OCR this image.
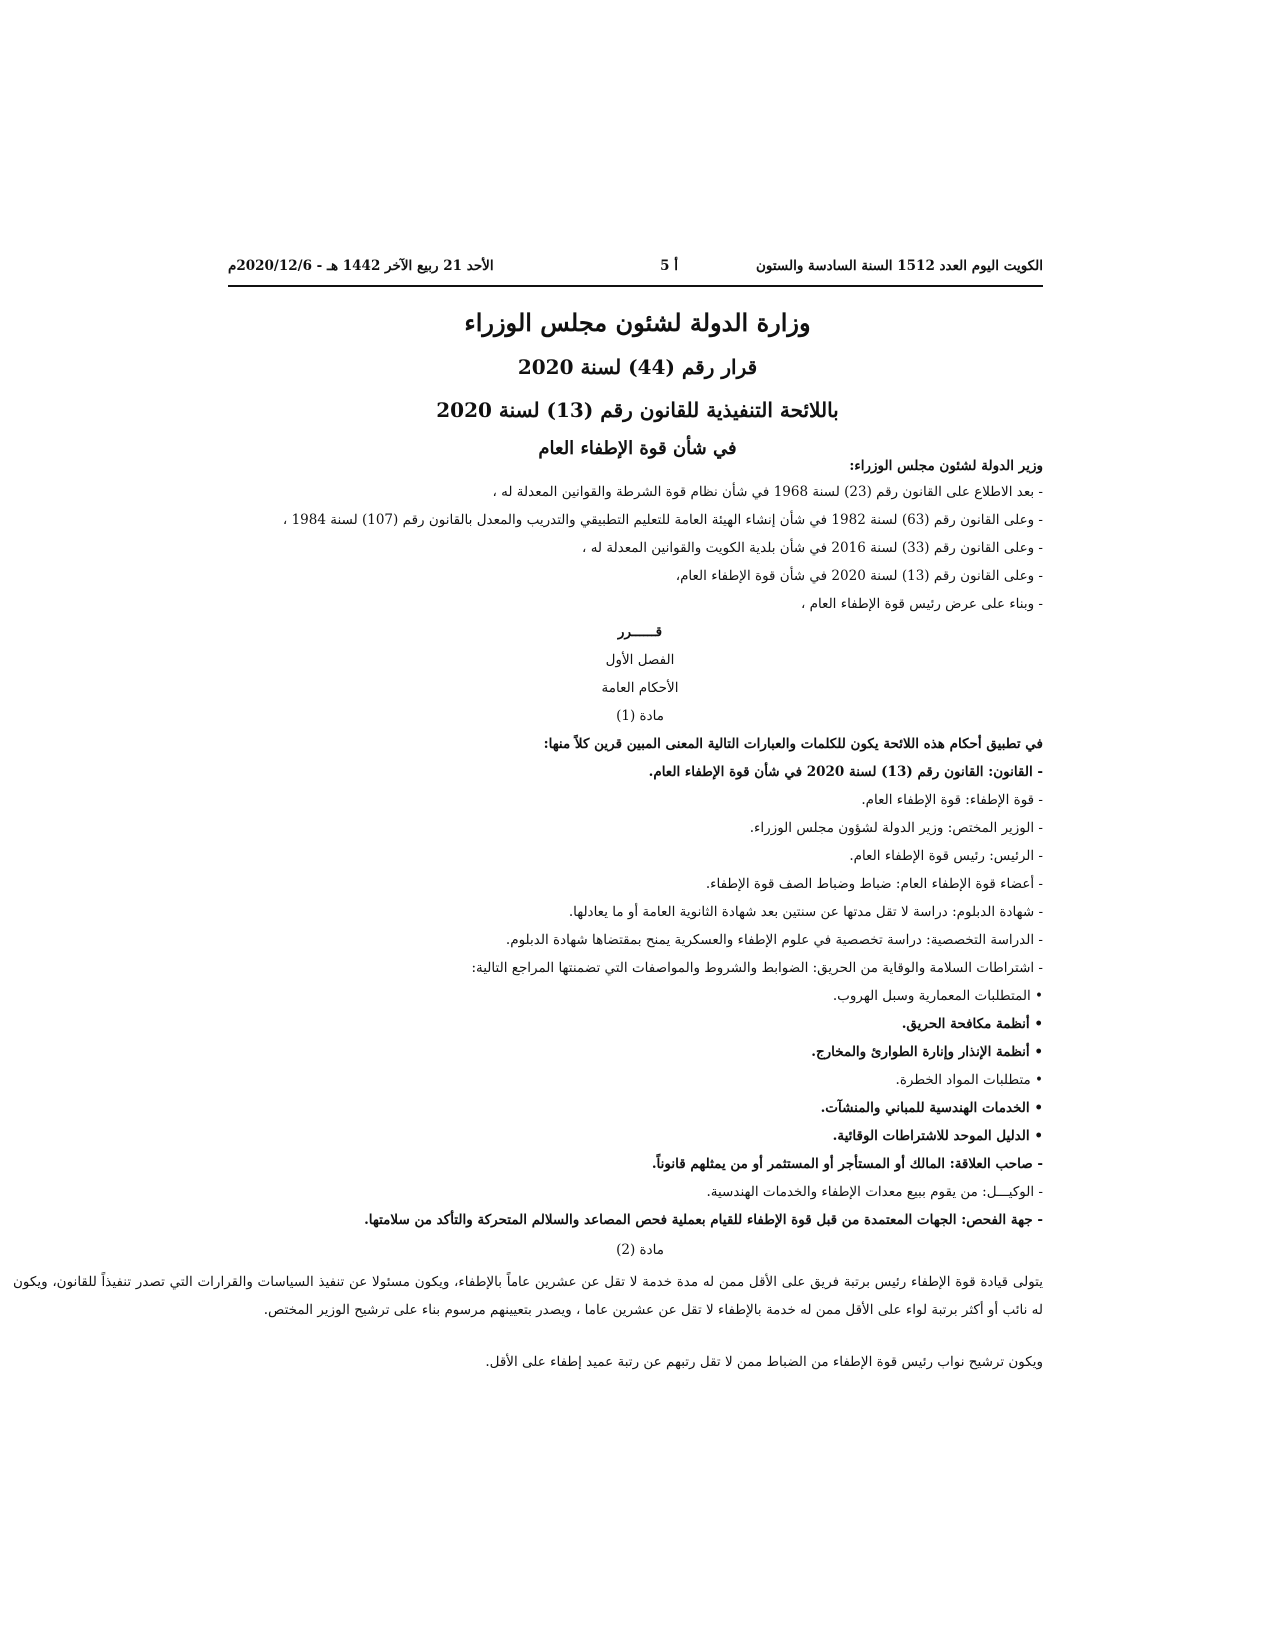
الكويت اليوم العدد 1512 السنة السادسة والستون
أ 5
الأحد 21 ربيع الآخر 1442 هـ - 2020/12/6م
وزارة الدولة لشئون مجلس الوزراء
قرار رقم (44) لسنة 2020
باللائحة التنفيذية للقانون رقم (13) لسنة 2020
في شأن قوة الإطفاء العام
وزير الدولة لشئون مجلس الوزراء:
- بعد الاطلاع على القانون رقم (23) لسنة 1968 في شأن نظام قوة الشرطة والقوانين المعدلة له ،
- وعلى القانون رقم (63) لسنة 1982 في شأن إنشاء الهيئة العامة للتعليم التطبيقي والتدريب والمعدل بالقانون رقم (107) لسنة 1984 ،
- وعلى القانون رقم (33) لسنة 2016 في شأن بلدية الكويت والقوانين المعدلة له ،
- وعلى القانون رقم (13) لسنة 2020 في شأن قوة الإطفاء العام،
- وبناء على عرض رئيس قوة الإطفاء العام ،
قــــــرر
الفصل الأول
الأحكام العامة
مادة (1)
في تطبيق أحكام هذه اللائحة يكون للكلمات والعبارات التالية المعنى المبين قرين كلاً منها:
- القانون: القانون رقم (13) لسنة 2020 في شأن قوة الإطفاء العام.
- قوة الإطفاء: قوة الإطفاء العام.
- الوزير المختص: وزير الدولة لشؤون مجلس الوزراء.
- الرئيس: رئيس قوة الإطفاء العام.
- أعضاء قوة الإطفاء العام: ضباط وضباط الصف قوة الإطفاء.
- شهادة الدبلوم: دراسة لا تقل مدتها عن سنتين بعد شهادة الثانوية العامة أو ما يعادلها.
- الدراسة التخصصية: دراسة تخصصية في علوم الإطفاء والعسكرية يمنح بمقتضاها شهادة الدبلوم.
- اشتراطات السلامة والوقاية من الحريق: الضوابط والشروط والمواصفات التي تضمنتها المراجع التالية:
• المتطلبات المعمارية وسبل الهروب.
• أنظمة مكافحة الحريق.
• أنظمة الإنذار وإنارة الطوارئ والمخارج.
• متطلبات المواد الخطرة.
• الخدمات الهندسية للمباني والمنشآت.
• الدليل الموحد للاشتراطات الوقائية.
- صاحب العلاقة: المالك أو المستأجر أو المستثمر أو من يمثلهم قانوناً.
- الوكيـــل: من يقوم ببيع معدات الإطفاء والخدمات الهندسية.
- جهة الفحص: الجهات المعتمدة من قبل قوة الإطفاء للقيام بعملية فحص المصاعد والسلالم المتحركة والتأكد من سلامتها.
مادة (2)
يتولى قيادة قوة الإطفاء رئيس برتبة فريق على الأقل ممن له مدة خدمة لا تقل عن عشرين عاماً بالإطفاء، ويكون مسئولا عن تنفيذ السياسات والقرارات التي تصدر تنفيذاً للقانون، ويكون له نائب أو أكثر برتبة لواء على الأقل ممن له خدمة بالإطفاء لا تقل عن عشرين عاما ، ويصدر بتعيينهم مرسوم بناء على ترشيح الوزير المختص.
ويكون ترشيح نواب رئيس قوة الإطفاء من الضباط ممن لا تقل رتبهم عن رتبة عميد إطفاء على الأقل.
